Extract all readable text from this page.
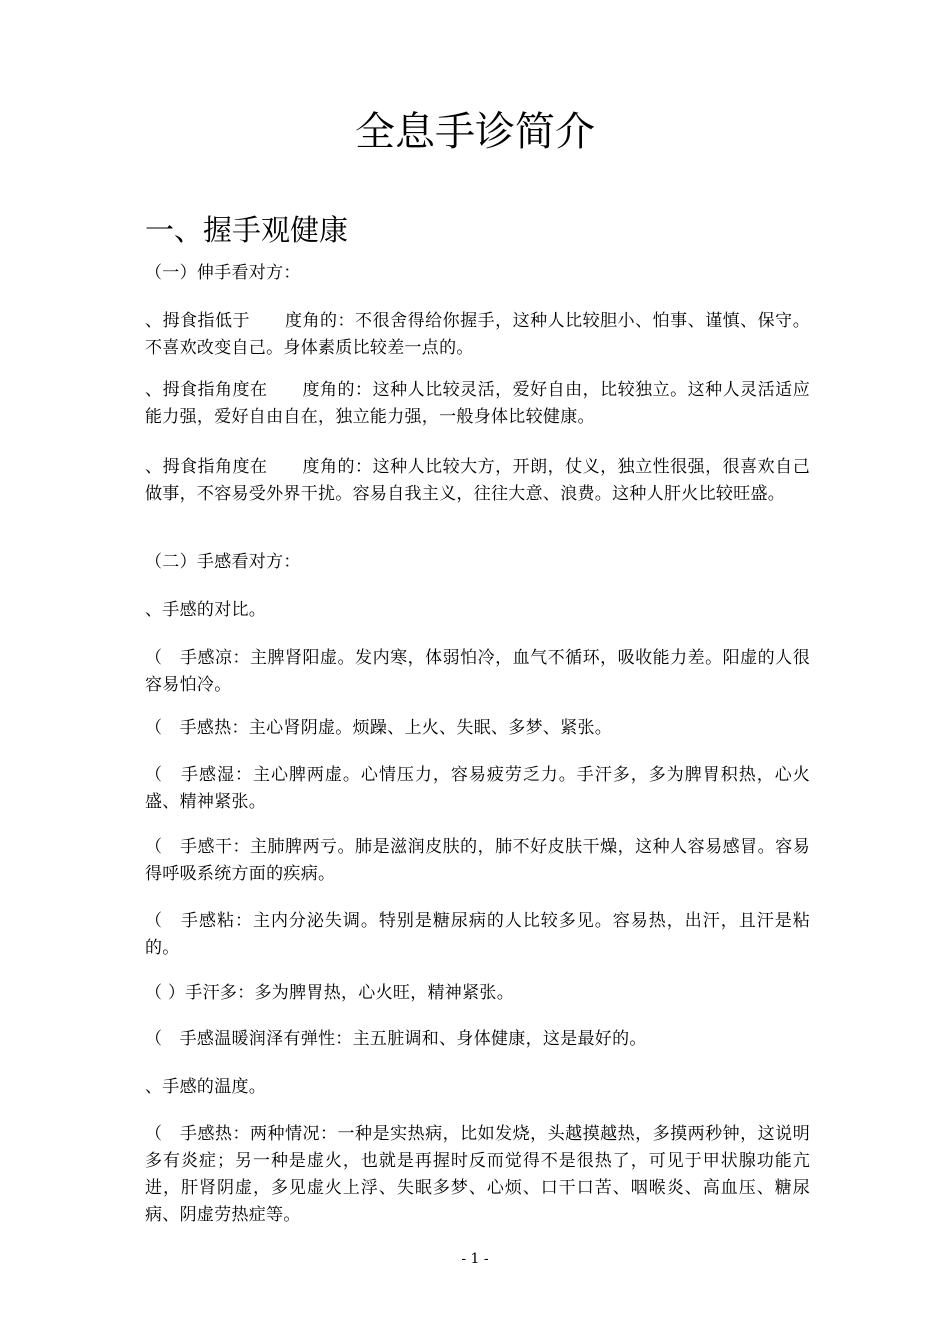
全息手诊简介
一、握手观健康

（一）伸手看对方：

、拇食指低于　　度角的：不很舍得给你握手，这种人比较胆小、怕事、谨慎、保守。不喜欢改变自己。身体素质比较差一点的。

、拇食指角度在　　度角的：这种人比较灵活，爱好自由，比较独立。这种人灵活适应能力强，爱好自由自在，独立能力强，一般身体比较健康。

、拇食指角度在　　度角的：这种人比较大方，开朗，仗义，独立性很强，很喜欢自己做事，不容易受外界干扰。容易自我主义，往往大意、浪费。这种人肝火比较旺盛。

（二）手感看对方：

、手感的对比。

（　手感凉：主脾肾阳虚。发内寒，体弱怕冷，血气不循环，吸收能力差。阳虚的人很容易怕冷。

（　手感热：主心肾阴虚。烦躁、上火、失眠、多梦、紧张。

（　手感湿：主心脾两虚。心情压力，容易疲劳乏力。手汗多，多为脾胃积热，心火盛、精神紧张。

（　手感干：主肺脾两亏。肺是滋润皮肤的，肺不好皮肤干燥，这种人容易感冒。容易得呼吸系统方面的疾病。

（　手感粘：主内分泌失调。特别是糖尿病的人比较多见。容易热，出汗，且汗是粘的。

（ ）手汗多：多为脾胃热，心火旺，精神紧张。

（　手感温暖润泽有弹性：主五脏调和、身体健康，这是最好的。

、手感的温度。

（　手感热：两种情况：一种是实热病，比如发烧，头越摸越热，多摸两秒钟，这说明多有炎症；另一种是虚火，也就是再握时反而觉得不是很热了，可见于甲状腺功能亢进，肝肾阴虚，多见虚火上浮、失眠多梦、心烦、口干口苦、咽喉炎、高血压、糖尿病、阴虚劳热症等。

- 1 -
